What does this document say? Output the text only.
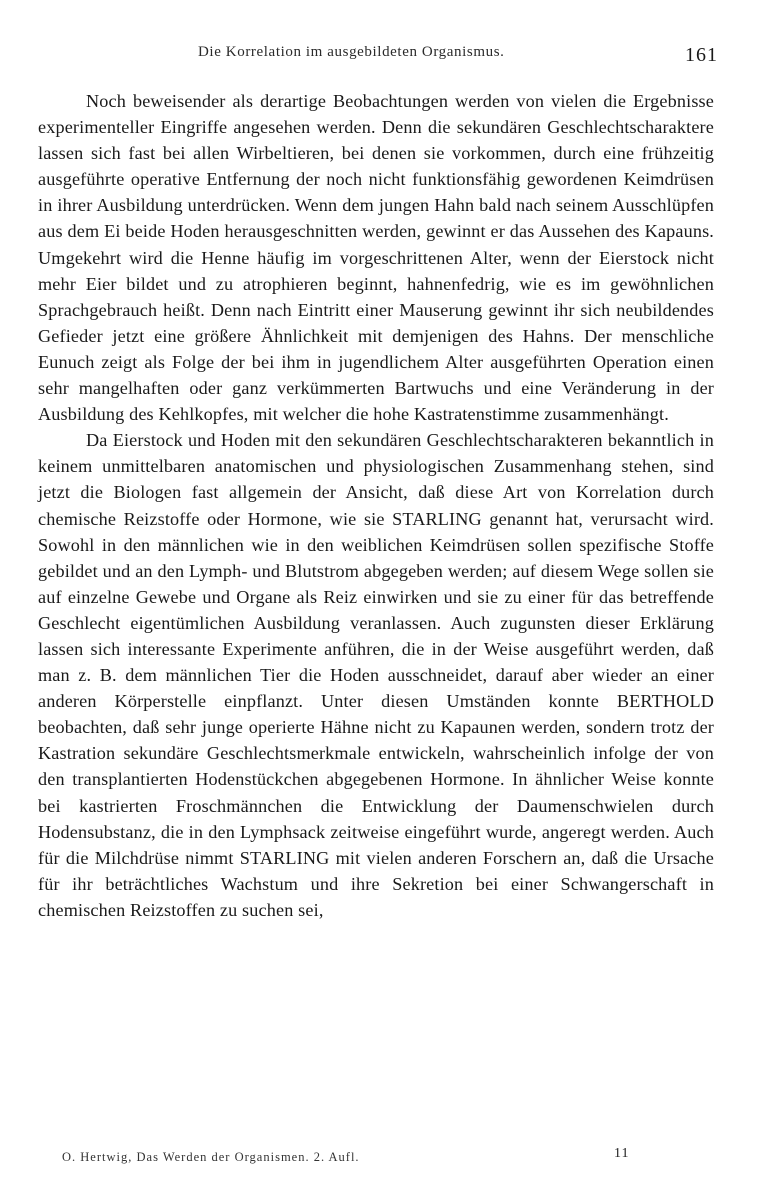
Die Korrelation im ausgebildeten Organismus.	161

Noch beweisender als derartige Beobachtungen werden von vielen die Ergebnisse experimenteller Eingriffe angesehen werden. Denn die sekundären Geschlechtscharaktere lassen sich fast bei allen Wirbeltieren, bei denen sie vorkommen, durch eine frühzeitig ausgeführte operative Entfernung der noch nicht funktionsfähig gewordenen Keimdrüsen in ihrer Ausbildung unterdrücken. Wenn dem jungen Hahn bald nach seinem Ausschlüpfen aus dem Ei beide Hoden herausgeschnitten werden, gewinnt er das Aussehen des Kapauns. Umgekehrt wird die Henne häufig im vorgeschrittenen Alter, wenn der Eierstock nicht mehr Eier bildet und zu atrophieren beginnt, hahnenfedrig, wie es im gewöhnlichen Sprachgebrauch heißt. Denn nach Eintritt einer Mauserung gewinnt ihr sich neubildendes Gefieder jetzt eine größere Ähnlichkeit mit demjenigen des Hahns. Der menschliche Eunuch zeigt als Folge der bei ihm in jugendlichem Alter ausgeführten Operation einen sehr mangelhaften oder ganz verkümmerten Bartwuchs und eine Veränderung in der Ausbildung des Kehlkopfes, mit welcher die hohe Kastratenstimme zusammenhängt.

Da Eierstock und Hoden mit den sekundären Geschlechtscharakteren bekanntlich in keinem unmittelbaren anatomischen und physiologischen Zusammenhang stehen, sind jetzt die Biologen fast allgemein der Ansicht, daß diese Art von Korrelation durch chemische Reizstoffe oder Hormone, wie sie STARLING genannt hat, verursacht wird. Sowohl in den männlichen wie in den weiblichen Keimdrüsen sollen spezifische Stoffe gebildet und an den Lymph- und Blutstrom abgegeben werden; auf diesem Wege sollen sie auf einzelne Gewebe und Organe als Reiz einwirken und sie zu einer für das betreffende Geschlecht eigentümlichen Ausbildung veranlassen. Auch zugunsten dieser Erklärung lassen sich interessante Experimente anführen, die in der Weise ausgeführt werden, daß man z. B. dem männlichen Tier die Hoden ausschneidet, darauf aber wieder an einer anderen Körperstelle einpflanzt. Unter diesen Umständen konnte BERTHOLD beobachten, daß sehr junge operierte Hähne nicht zu Kapaunen werden, sondern trotz der Kastration sekundäre Geschlechtsmerkmale entwickeln, wahrscheinlich infolge der von den transplantierten Hodenstückchen abgegebenen Hormone. In ähnlicher Weise konnte bei kastrierten Froschmännchen die Entwicklung der Daumenschwielen durch Hodensubstanz, die in den Lymphsack zeitweise eingeführt wurde, angeregt werden. Auch für die Milchdrüse nimmt STARLING mit vielen anderen Forschern an, daß die Ursache für ihr beträchtliches Wachstum und ihre Sekretion bei einer Schwangerschaft in chemischen Reizstoffen zu suchen sei,

O. Hertwig, Das Werden der Organismen. 2. Aufl.	11
